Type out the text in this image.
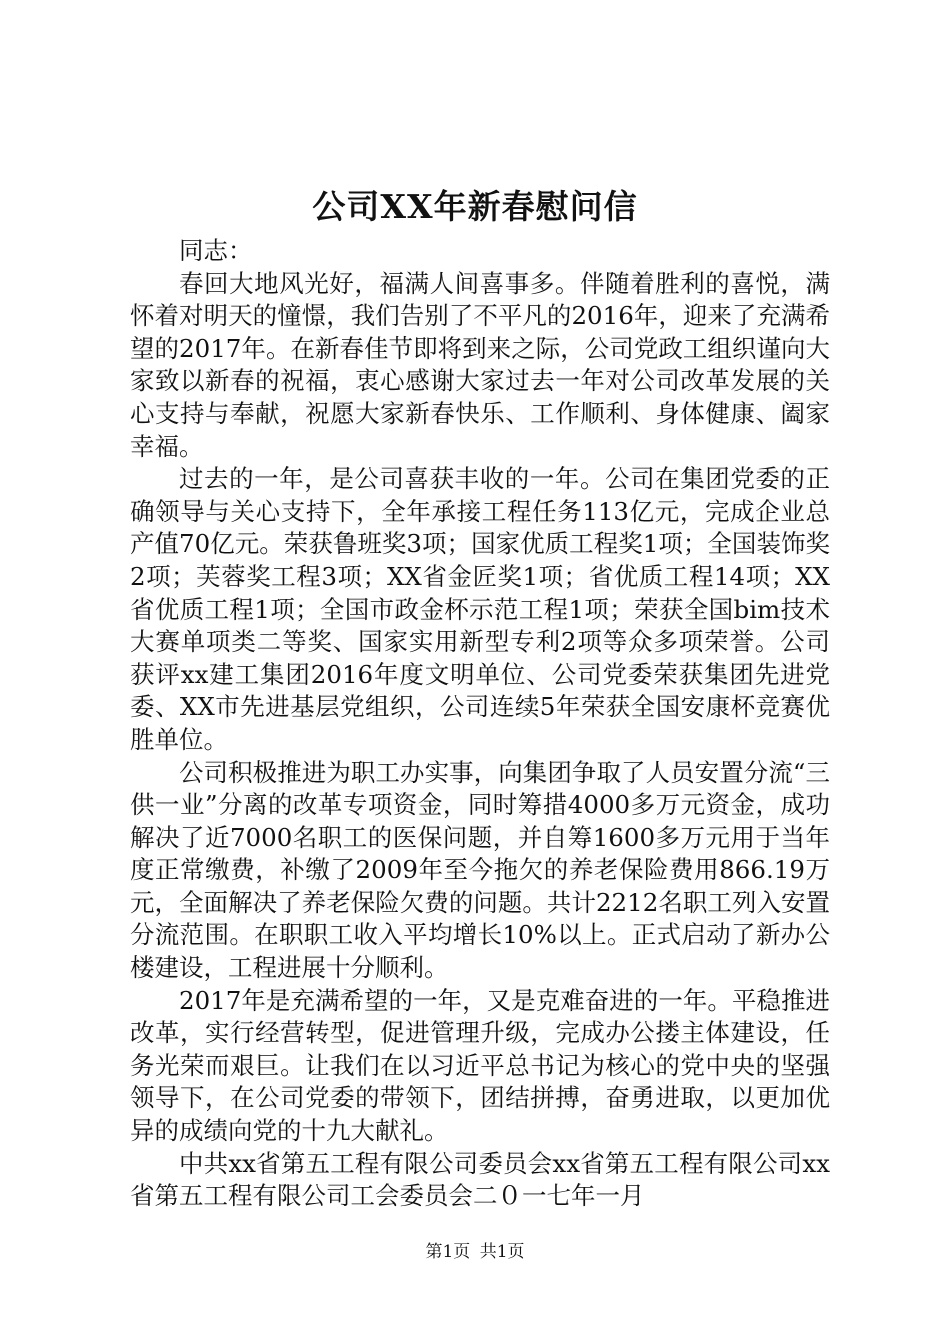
公司XX年新春慰问信

同志：

春回大地风光好，福满人间喜事多。伴随着胜利的喜悦，满怀着对明天的憧憬，我们告别了不平凡的2016年，迎来了充满希望的2017年。在新春佳节即将到来之际，公司党政工组织谨向大家致以新春的祝福，衷心感谢大家过去一年对公司改革发展的关心支持与奉献，祝愿大家新春快乐、工作顺利、身体健康、阖家幸福。

过去的一年，是公司喜获丰收的一年。公司在集团党委的正确领导与关心支持下，全年承接工程任务113亿元，完成企业总产值70亿元。荣获鲁班奖3项；国家优质工程奖1项；全国装饰奖2项；芙蓉奖工程3项；XX省金匠奖1项；省优质工程14项；XX省优质工程1项；全国市政金杯示范工程1项；荣获全国bim技术大赛单项类二等奖、国家实用新型专利2项等众多项荣誉。公司获评xx建工集团2016年度文明单位、公司党委荣获集团先进党委、XX市先进基层党组织，公司连续5年荣获全国安康杯竞赛优胜单位。

公司积极推进为职工办实事，向集团争取了人员安置分流“三供一业”分离的改革专项资金，同时筹措4000多万元资金，成功解决了近7000名职工的医保问题，并自筹1600多万元用于当年度正常缴费，补缴了2009年至今拖欠的养老保险费用866.19万元，全面解决了养老保险欠费的问题。共计2212名职工列入安置分流范围。在职职工收入平均增长10%以上。正式启动了新办公楼建设，工程进展十分顺利。

2017年是充满希望的一年，又是克难奋进的一年。平稳推进改革，实行经营转型，促进管理升级，完成办公搂主体建设，任务光荣而艰巨。让我们在以习近平总书记为核心的党中央的坚强领导下，在公司党委的带领下，团结拼搏，奋勇进取，以更加优异的成绩向党的十九大献礼。

中共xx省第五工程有限公司委员会xx省第五工程有限公司xx省第五工程有限公司工会委员会二０一七年一月

第1页 共1页
